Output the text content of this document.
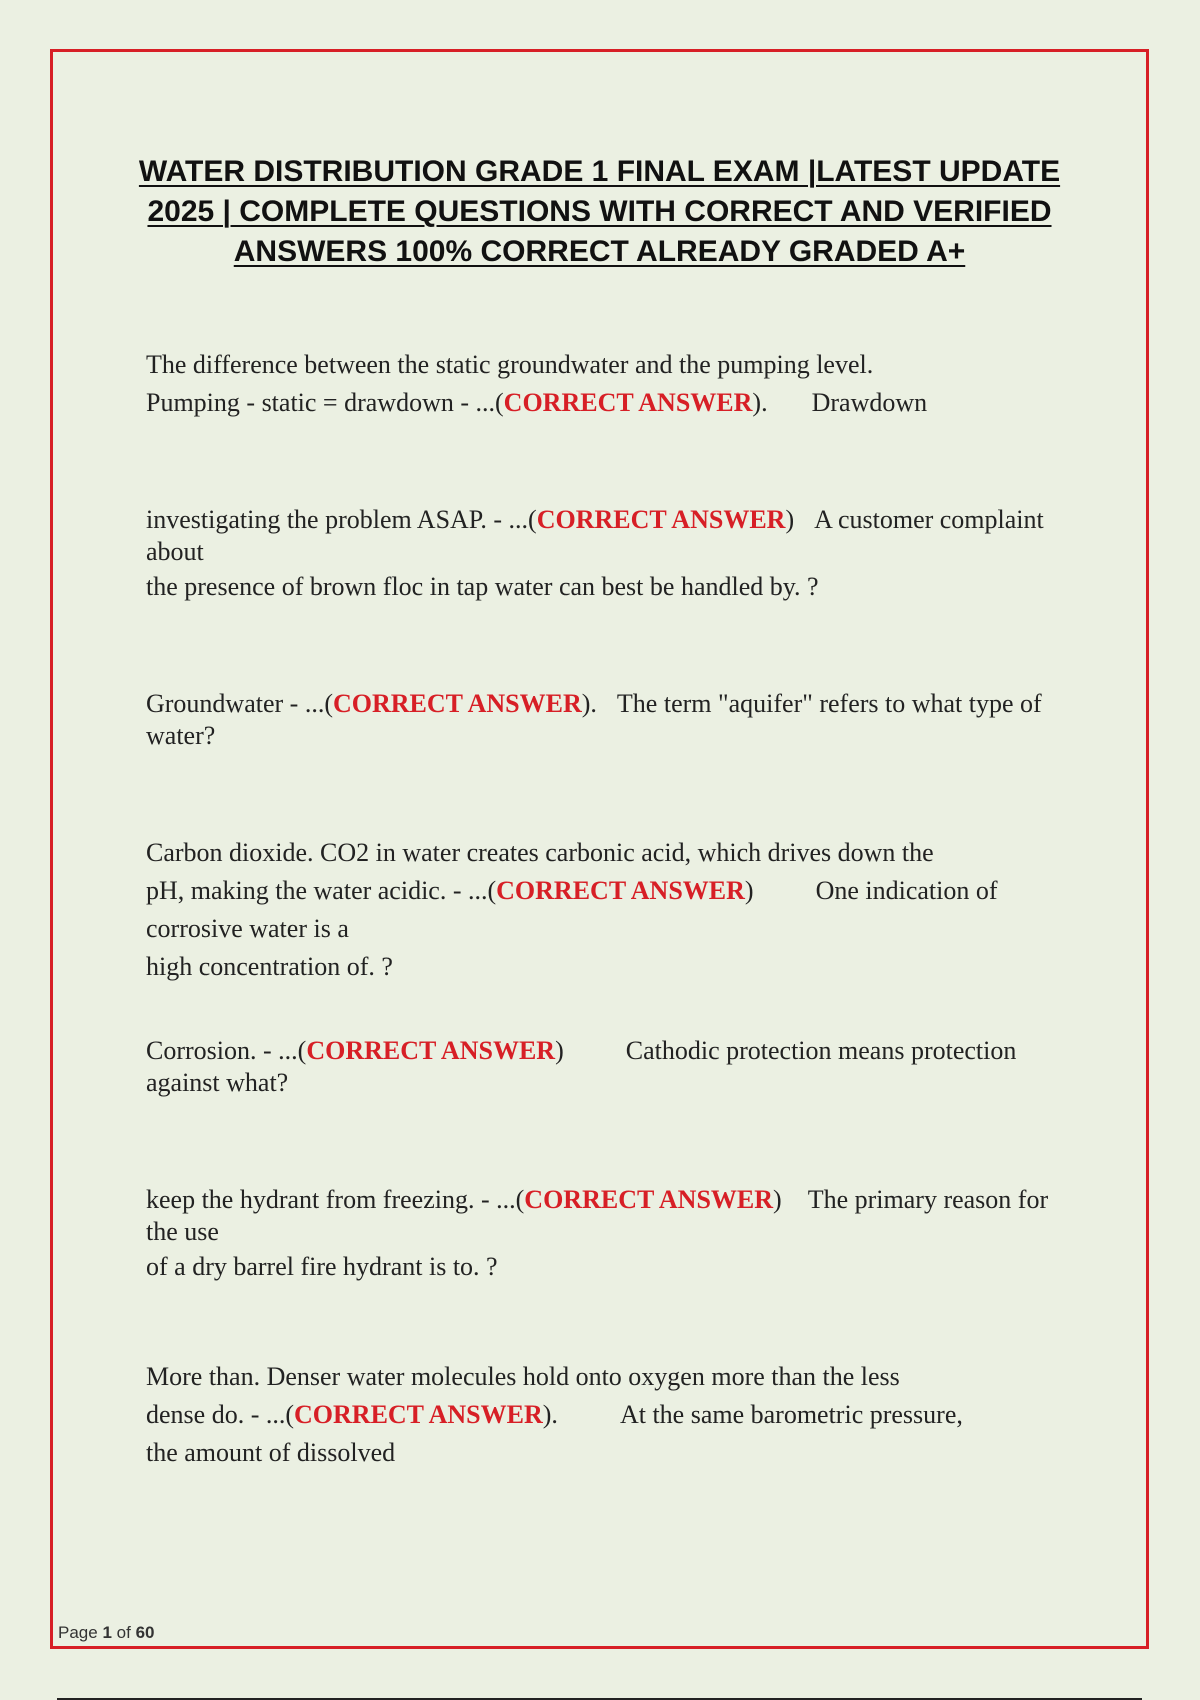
WATER DISTRIBUTION GRADE 1 FINAL EXAM |LATEST UPDATE
2025 | COMPLETE QUESTIONS WITH CORRECT AND VERIFIED
ANSWERS 100% CORRECT ALREADY GRADED A+

The difference between the static groundwater and the pumping level.
Pumping - static = drawdown - ...(CORRECT ANSWER). Drawdown

investigating the problem ASAP. - ...(CORRECT ANSWER) A customer complaint
about
the presence of brown floc in tap water can best be handled by. ?

Groundwater - ...(CORRECT ANSWER). The term "aquifer" refers to what type of
water?

Carbon dioxide. CO2 in water creates carbonic acid, which drives down the
pH, making the water acidic. - ...(CORRECT ANSWER) One indication of
corrosive water is a
high concentration of. ?

Corrosion. - ...(CORRECT ANSWER) Cathodic protection means protection
against what?

keep the hydrant from freezing. - ...(CORRECT ANSWER) The primary reason for
the use
of a dry barrel fire hydrant is to. ?

More than. Denser water molecules hold onto oxygen more than the less
dense do. - ...(CORRECT ANSWER). At the same barometric pressure,
the amount of dissolved

Page 1 of 60
